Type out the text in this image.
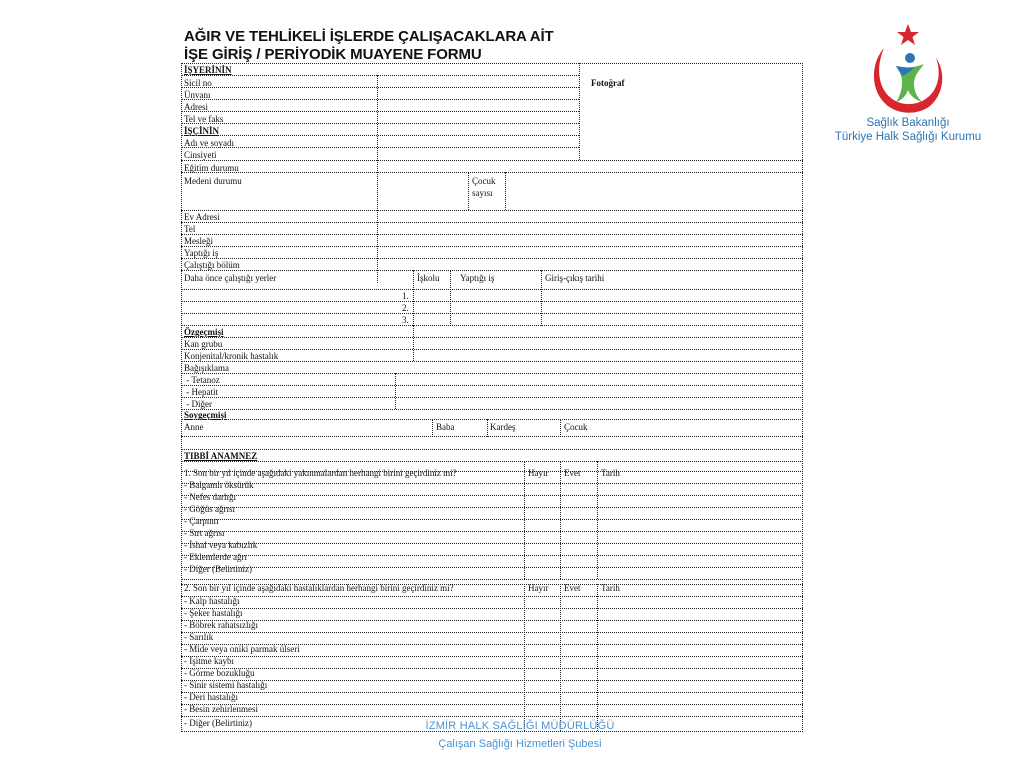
AĞIR VE TEHLİKELİ İŞLERDE ÇALIŞACAKLARA AİT
İŞE GİRİŞ / PERİYODİK MUAYENE FORMU
Sağlık Bakanlığı
Türkiye Halk Sağlığı Kurumu
İŞYERİNİN
Sicil no
Ünvanı
Adresi
Tel ve faks
Fotoğraf
İŞÇİNİN
Adı ve soyadı
Cinsiyeti
Eğitim durumu
Medeni durumu	Çocuk
sayısı
Ev Adresi
Tel
Mesleği
Yaptığı iş
Çalıştığı bölüm
Daha önce çalıştığı yerler	İşkolu Yaptığı iş	Giriş-çıkış tarihi
1.
2.
3.
Özgeçmişi
Kan grubu
Konjenital/kronik hastalık
Bağışıklama
- Tetanoz
- Hepatit
- Diğer
Soygeçmişi
Anne	Baba	Kardeş	Çocuk
TIBBİ ANAMNEZ
1. Son bir yıl içinde aşağıdaki yakınmalardan herhangi birini geçirdiniz mi?	Hayır Evet Tarih
- Balgamlı öksürük
- Nefes darlığı
- Göğüs ağrısı
- Çarpıntı
- Sırt ağrısı
- İshal veya kabızlık
- Eklemlerde ağrı
- Diğer (Belirtiniz)
2. Son bir yıl içinde aşağıdaki hastalıklardan herhangi birini geçirdiniz mi?	Hayır Evet Tarih
- Kalp hastalığı
- Şeker hastalığı
- Böbrek rahatsızlığı
- Sarılık
- Mide veya oniki parmak ülseri
- İşitme kaybı
- Görme bozukluğu
- Sinir sistemi hastalığı
- Deri hastalığı
- Besin zehirlenmesi
- Diğer (Belirtiniz)	İZMİR HALK SAĞLIĞI MÜDÜRLÜĞÜ
Çalışan Sağlığı Hizmetleri Şubesi
